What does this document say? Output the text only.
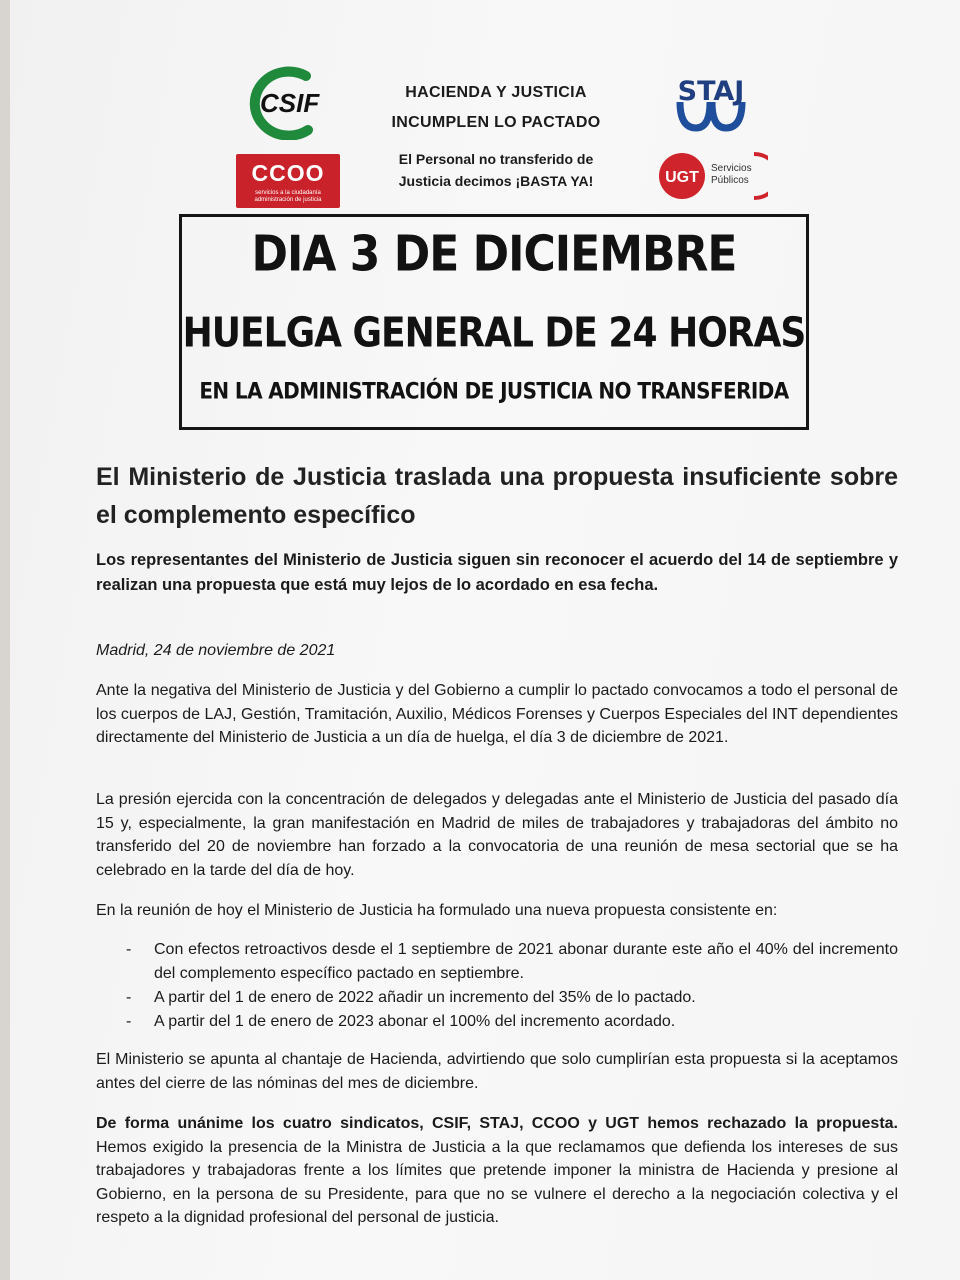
CSIF
CCOO
servicios a la ciudadanía administración de justicia
HACIENDA Y JUSTICIA
INCUMPLEN LO PACTADO
El Personal no transferido de
Justicia decimos ¡BASTA YA!
STAJ
UGT
Servicios
Públicos
DIA 3 DE DICIEMBRE
HUELGA GENERAL DE 24 HORAS
EN LA ADMINISTRACIÓN DE JUSTICIA NO TRANSFERIDA
El Ministerio de Justicia traslada una propuesta insuficiente sobre el complemento específico
Los representantes del Ministerio de Justicia siguen sin reconocer el acuerdo del 14 de septiembre y realizan una propuesta que está muy lejos de lo acordado en esa fecha.
Madrid, 24 de noviembre de 2021
Ante la negativa del Ministerio de Justicia y del Gobierno a cumplir lo pactado convocamos a todo el personal de los cuerpos de LAJ, Gestión, Tramitación, Auxilio, Médicos Forenses y Cuerpos Especiales del INT dependientes directamente del Ministerio de Justicia a un día de huelga, el día 3 de diciembre de 2021.
La presión ejercida con la concentración de delegados y delegadas ante el Ministerio de Justicia del pasado día 15 y, especialmente, la gran manifestación en Madrid de miles de trabajadores y trabajadoras del ámbito no transferido del 20 de noviembre han forzado a la convocatoria de una reunión de mesa sectorial que se ha celebrado en la tarde del día de hoy.
En la reunión de hoy el Ministerio de Justicia ha formulado una nueva propuesta consistente en:
- Con efectos retroactivos desde el 1 septiembre de 2021 abonar durante este año el 40% del incremento del complemento específico pactado en septiembre.
- A partir del 1 de enero de 2022 añadir un incremento del 35% de lo pactado.
- A partir del 1 de enero de 2023 abonar el 100% del incremento acordado.
El Ministerio se apunta al chantaje de Hacienda, advirtiendo que solo cumplirían esta propuesta si la aceptamos antes del cierre de las nóminas del mes de diciembre.
De forma unánime los cuatro sindicatos, CSIF, STAJ, CCOO y UGT hemos rechazado la propuesta. Hemos exigido la presencia de la Ministra de Justicia a la que reclamamos que defienda los intereses de sus trabajadores y trabajadoras frente a los límites que pretende imponer la ministra de Hacienda y presione al Gobierno, en la persona de su Presidente, para que no se vulnere el derecho a la negociación colectiva y el respeto a la dignidad profesional del personal de justicia.
